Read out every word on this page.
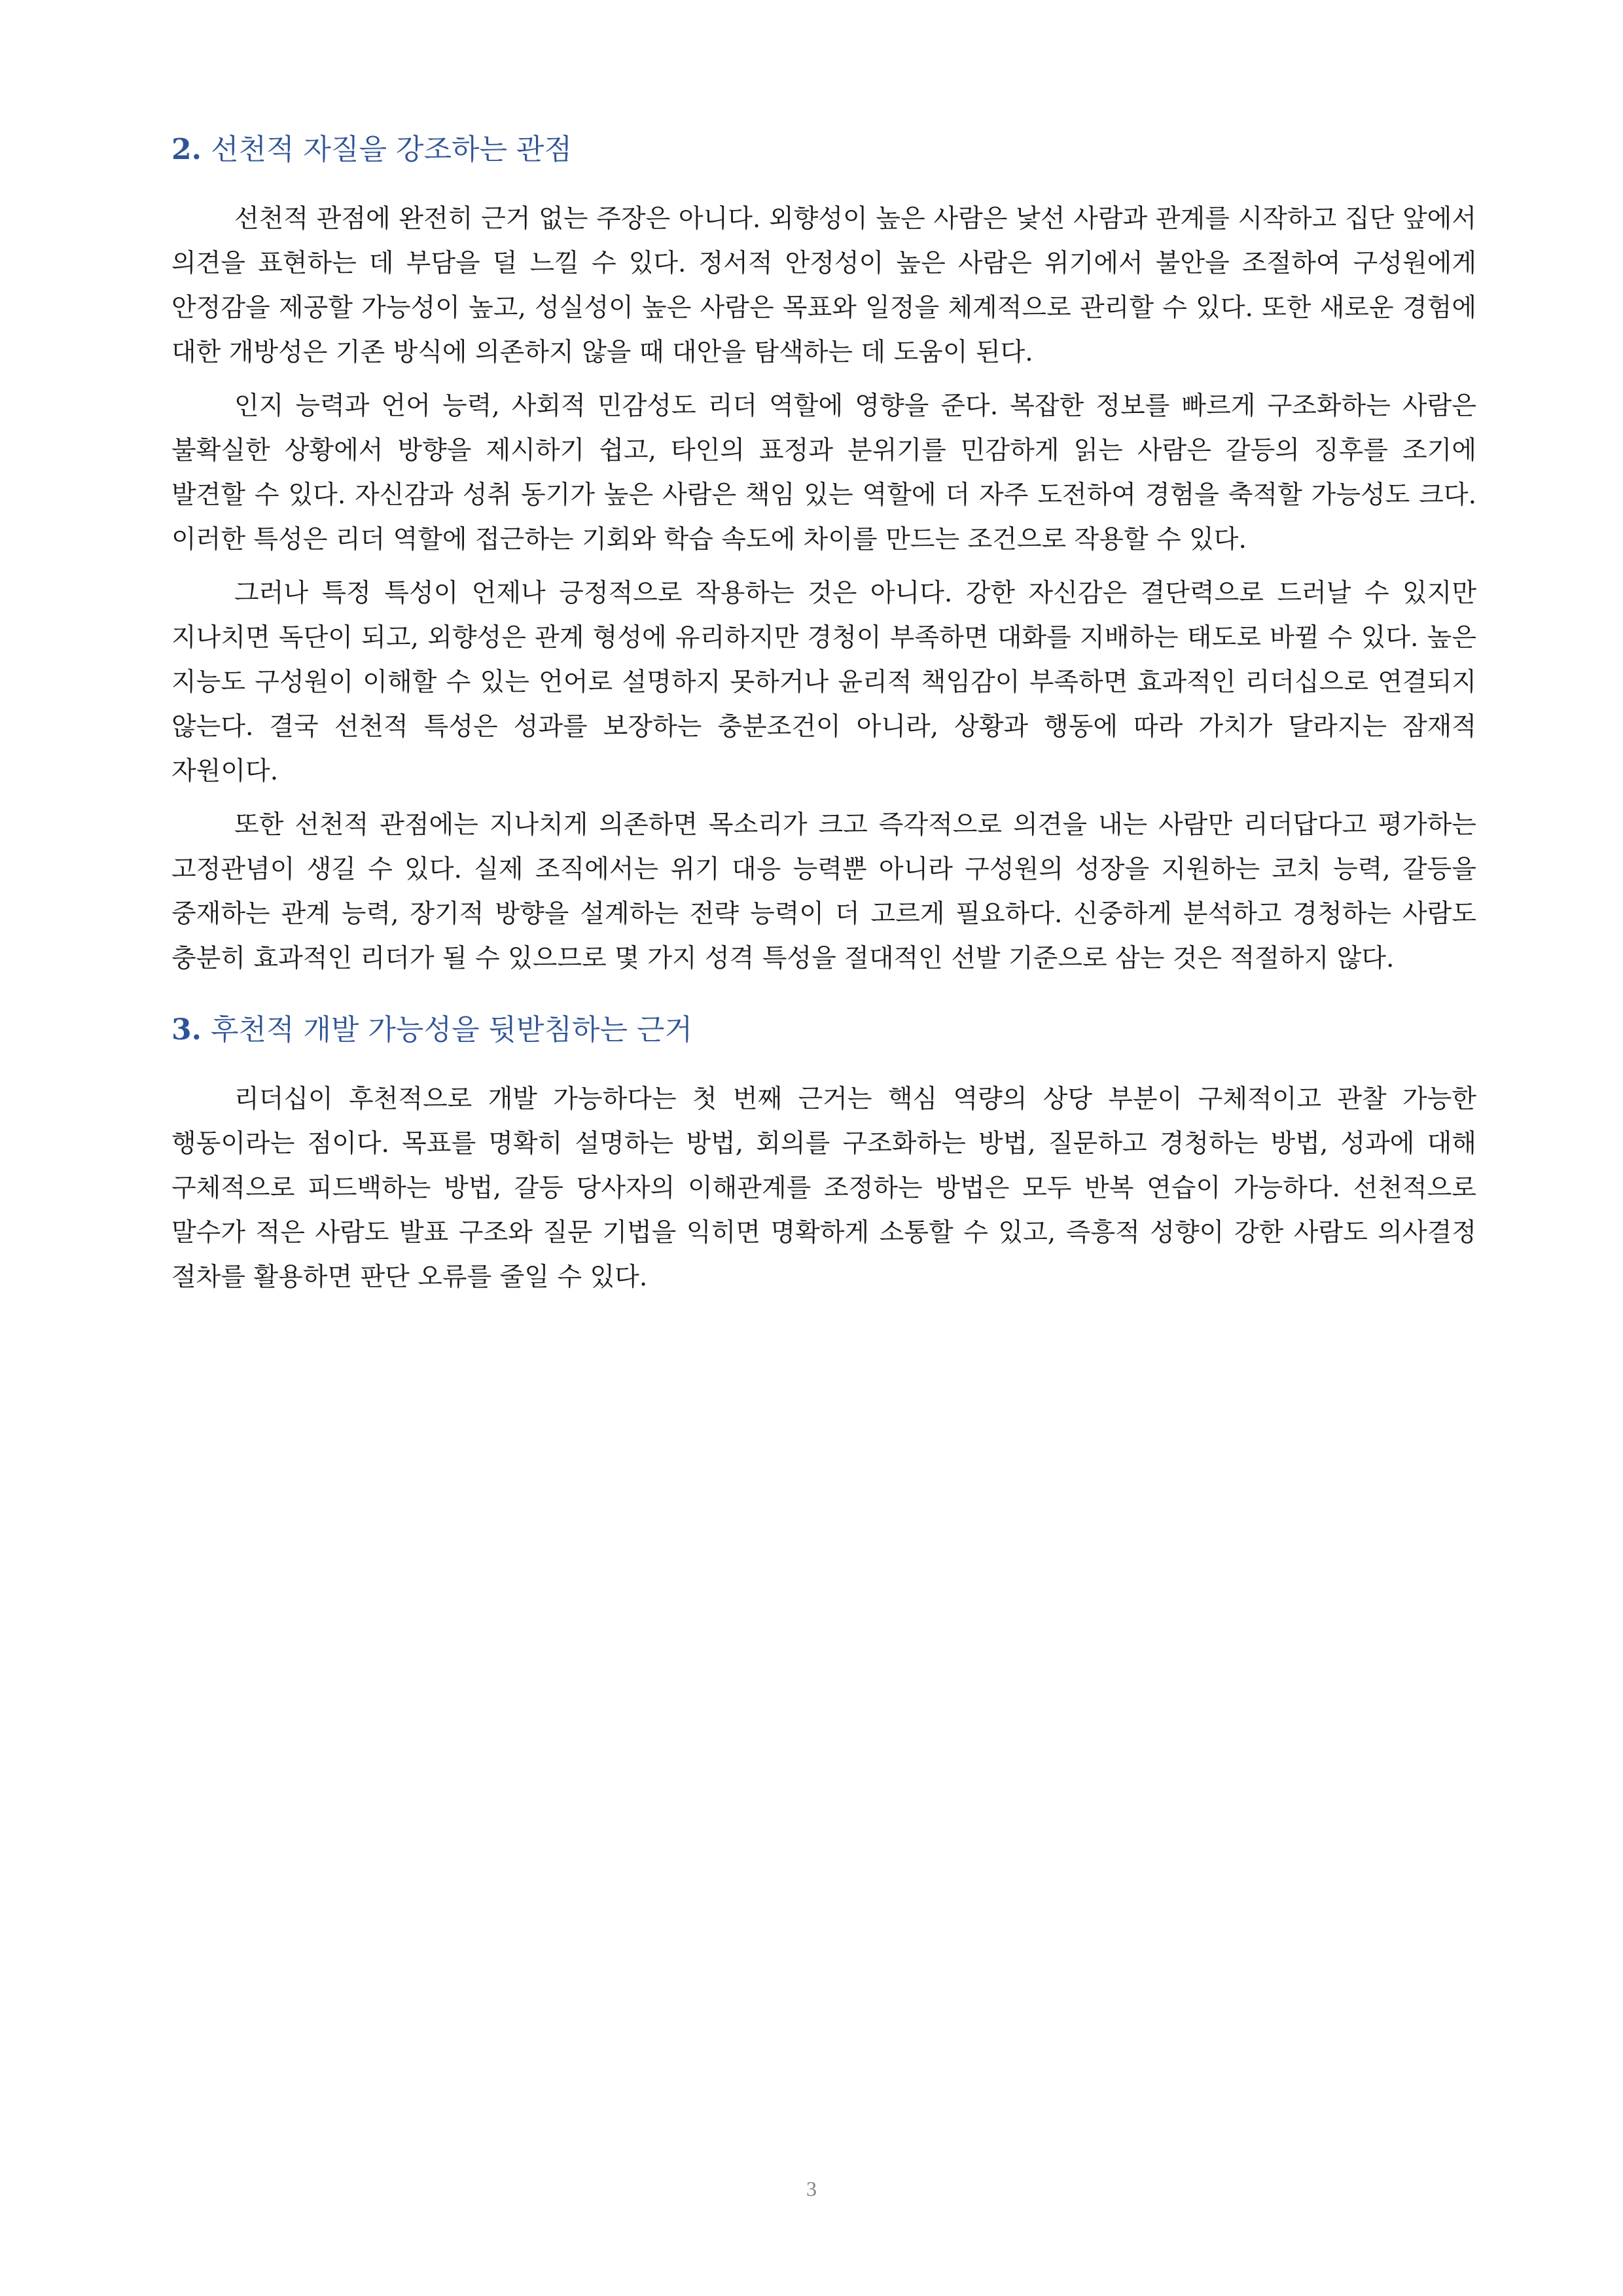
2. 선천적 자질을 강조하는 관점

선천적 관점에 완전히 근거 없는 주장은 아니다. 외향성이 높은 사람은 낯선 사람과 관계를 시작하고 집단 앞에서 의견을 표현하는 데 부담을 덜 느낄 수 있다. 정서적 안정성이 높은 사람은 위기에서 불안을 조절하여 구성원에게 안정감을 제공할 가능성이 높고, 성실성이 높은 사람은 목표와 일정을 체계적으로 관리할 수 있다. 또한 새로운 경험에 대한 개방성은 기존 방식에 의존하지 않을 때 대안을 탐색하는 데 도움이 된다.

인지 능력과 언어 능력, 사회적 민감성도 리더 역할에 영향을 준다. 복잡한 정보를 빠르게 구조화하는 사람은 불확실한 상황에서 방향을 제시하기 쉽고, 타인의 표정과 분위기를 민감하게 읽는 사람은 갈등의 징후를 조기에 발견할 수 있다. 자신감과 성취 동기가 높은 사람은 책임 있는 역할에 더 자주 도전하여 경험을 축적할 가능성도 크다. 이러한 특성은 리더 역할에 접근하는 기회와 학습 속도에 차이를 만드는 조건으로 작용할 수 있다.

그러나 특정 특성이 언제나 긍정적으로 작용하는 것은 아니다. 강한 자신감은 결단력으로 드러날 수 있지만 지나치면 독단이 되고, 외향성은 관계 형성에 유리하지만 경청이 부족하면 대화를 지배하는 태도로 바뀔 수 있다. 높은 지능도 구성원이 이해할 수 있는 언어로 설명하지 못하거나 윤리적 책임감이 부족하면 효과적인 리더십으로 연결되지 않는다. 결국 선천적 특성은 성과를 보장하는 충분조건이 아니라, 상황과 행동에 따라 가치가 달라지는 잠재적 자원이다.

또한 선천적 관점에는 지나치게 의존하면 목소리가 크고 즉각적으로 의견을 내는 사람만 리더답다고 평가하는 고정관념이 생길 수 있다. 실제 조직에서는 위기 대응 능력뿐 아니라 구성원의 성장을 지원하는 코치 능력, 갈등을 중재하는 관계 능력, 장기적 방향을 설계하는 전략 능력이 더 고르게 필요하다. 신중하게 분석하고 경청하는 사람도 충분히 효과적인 리더가 될 수 있으므로 몇 가지 성격 특성을 절대적인 선발 기준으로 삼는 것은 적절하지 않다.

3. 후천적 개발 가능성을 뒷받침하는 근거

리더십이 후천적으로 개발 가능하다는 첫 번째 근거는 핵심 역량의 상당 부분이 구체적이고 관찰 가능한 행동이라는 점이다. 목표를 명확히 설명하는 방법, 회의를 구조화하는 방법, 질문하고 경청하는 방법, 성과에 대해 구체적으로 피드백하는 방법, 갈등 당사자의 이해관계를 조정하는 방법은 모두 반복 연습이 가능하다. 선천적으로 말수가 적은 사람도 발표 구조와 질문 기법을 익히면 명확하게 소통할 수 있고, 즉흥적 성향이 강한 사람도 의사결정 절차를 활용하면 판단 오류를 줄일 수 있다.

3
